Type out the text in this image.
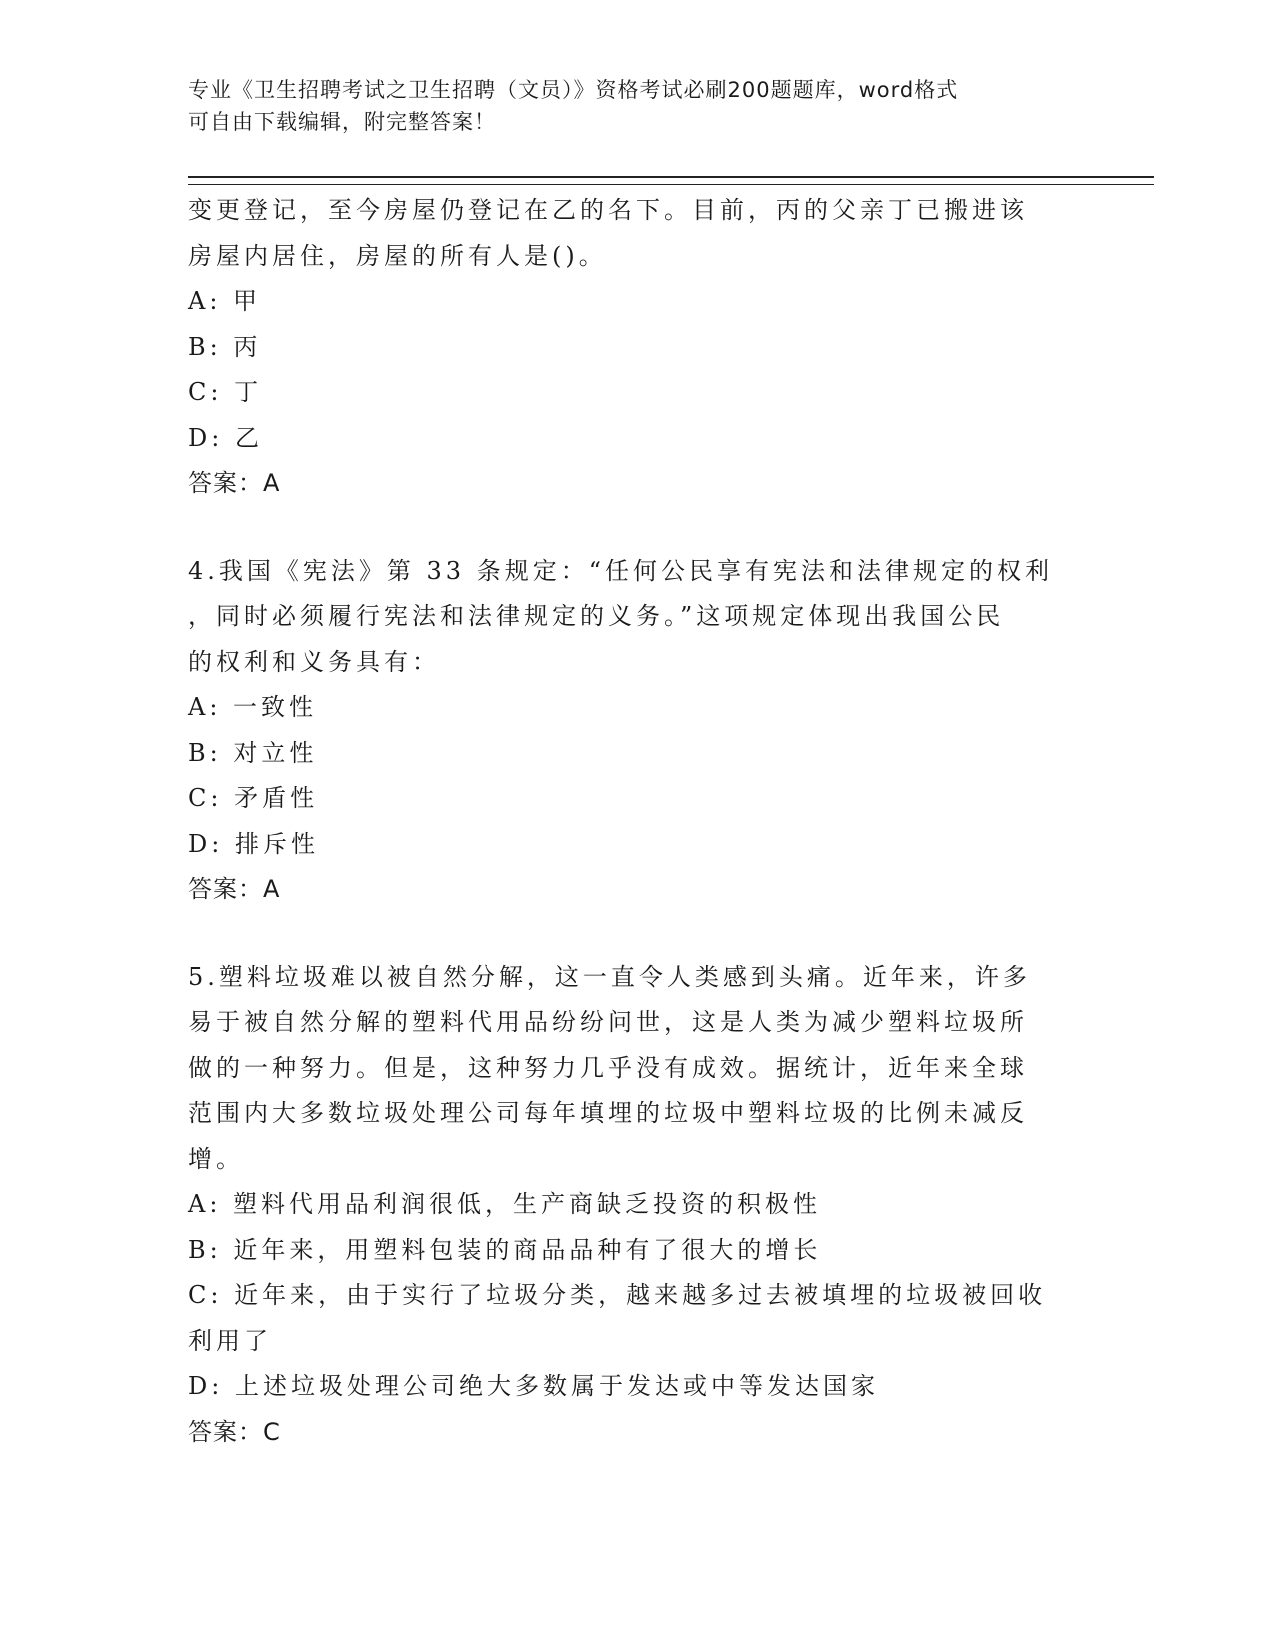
专业《卫生招聘考试之卫生招聘（文员）》资格考试必刷200题题库，word格式
可自由下载编辑，附完整答案！

变更登记，至今房屋仍登记在乙的名下。目前，丙的父亲丁已搬进该

房屋内居住，房屋的所有人是()。

A: 甲

B: 丙

C: 丁

D: 乙

答案：A

4.我国《宪法》第 33 条规定：“任何公民享有宪法和法律规定的权利

，同时必须履行宪法和法律规定的义务。”这项规定体现出我国公民

的权利和义务具有：

A: 一致性

B: 对立性

C: 矛盾性

D: 排斥性

答案：A

5.塑料垃圾难以被自然分解，这一直令人类感到头痛。近年来，许多

易于被自然分解的塑料代用品纷纷问世，这是人类为减少塑料垃圾所

做的一种努力。但是，这种努力几乎没有成效。据统计，近年来全球

范围内大多数垃圾处理公司每年填埋的垃圾中塑料垃圾的比例未减反

增。

A: 塑料代用品利润很低，生产商缺乏投资的积极性

B: 近年来，用塑料包装的商品品种有了很大的增长

C: 近年来，由于实行了垃圾分类，越来越多过去被填埋的垃圾被回收

利用了

D: 上述垃圾处理公司绝大多数属于发达或中等发达国家

答案：C
